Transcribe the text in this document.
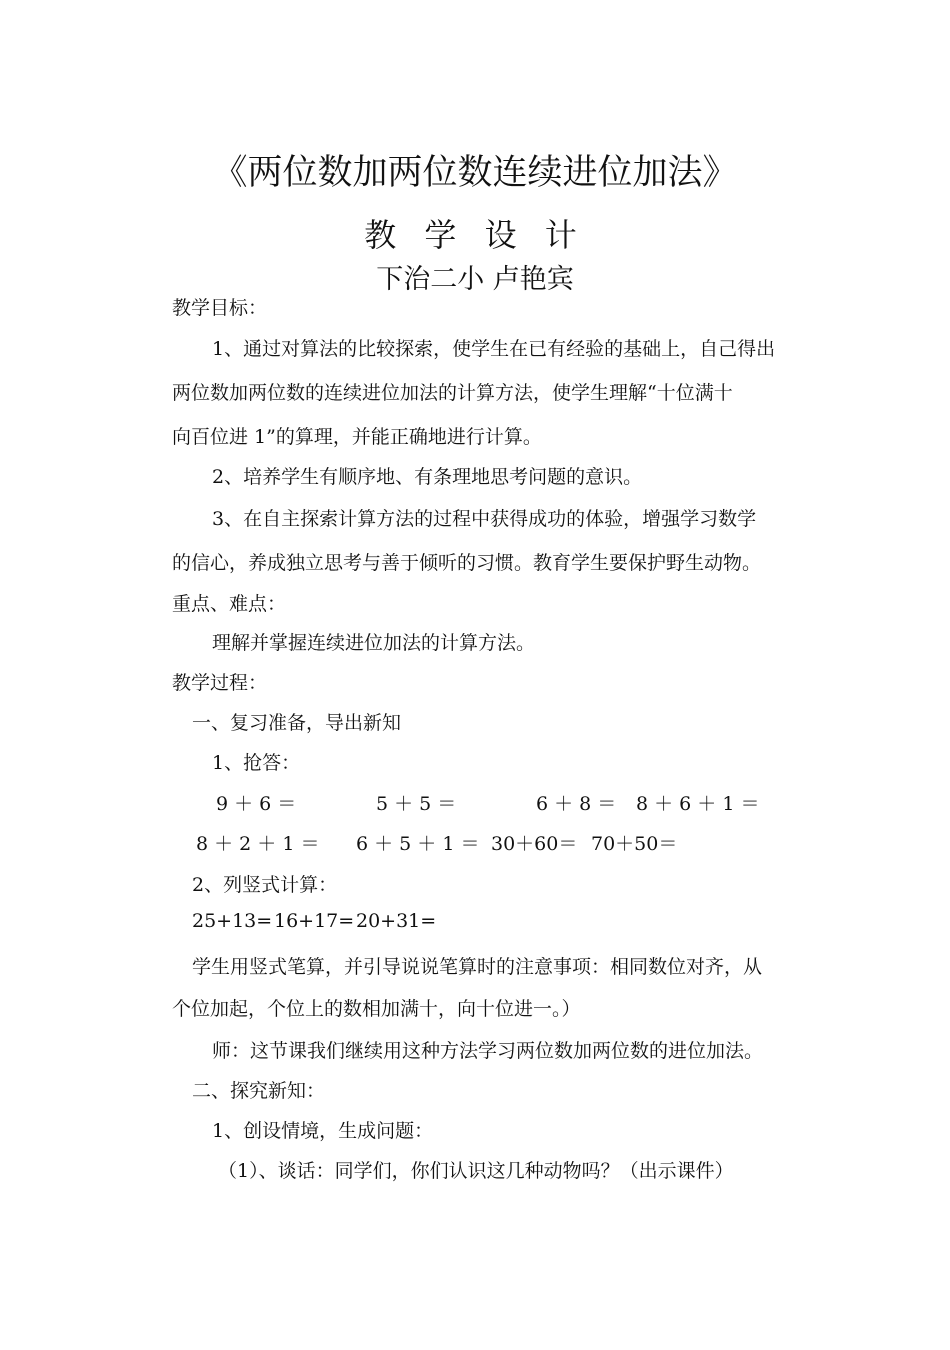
《两位数加两位数连续进位加法》
教 学 设 计
下治二小 卢艳宾
教学目标：
1、通过对算法的比较探索，使学生在已有经验的基础上，自己得出
两位数加两位数的连续进位加法的计算方法，使学生理解“十位满十
向百位进 1”的算理，并能正确地进行计算。
2、培养学生有顺序地、有条理地思考问题的意识。
3、在自主探索计算方法的过程中获得成功的体验，增强学习数学
的信心，养成独立思考与善于倾听的习惯。教育学生要保护野生动物。
重点、难点：
理解并掌握连续进位加法的计算方法。
教学过程：
一、复习准备，导出新知
1、抢答：
9 ＋ 6 ＝	5 ＋ 5 ＝	6 ＋ 8 ＝ 8 ＋ 6 ＋ 1 ＝
8 ＋ 2 ＋ 1 ＝ 6 ＋ 5 ＋ 1 ＝ 30＋60＝ 70＋50＝
2、列竖式计算：
25+13= 16+17= 20+31=
学生用竖式笔算，并引导说说笔算时的注意事项：相同数位对齐，从
个位加起，个位上的数相加满十，向十位进一。）
师：这节课我们继续用这种方法学习两位数加两位数的进位加法。
二、探究新知：
1、创设情境，生成问题：
（1）、谈话：同学们，你们认识这几种动物吗？（出示课件）
